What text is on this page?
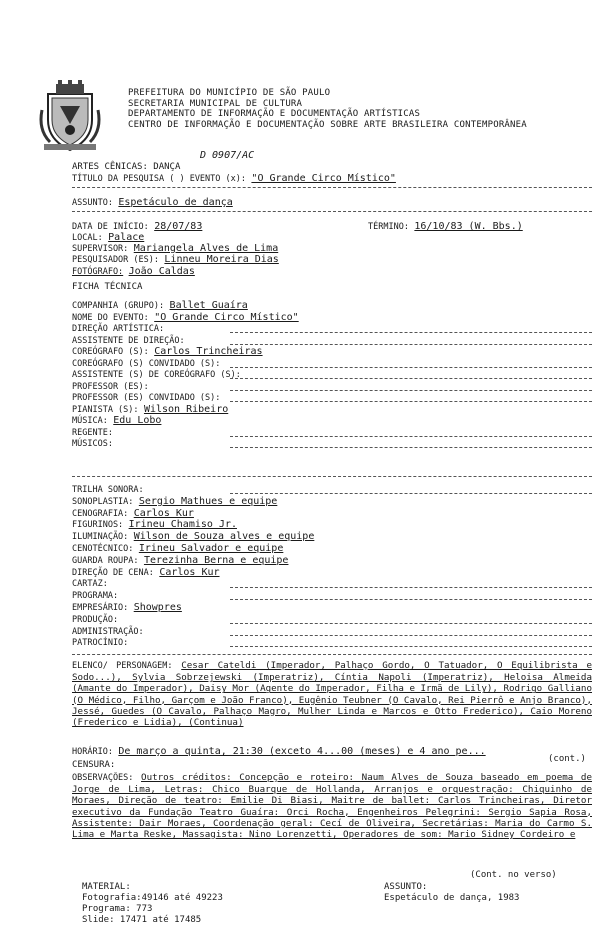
PREFEITURA DO MUNICÍPIO DE SÃO PAULO
SECRETARIA MUNICIPAL DE CULTURA
DEPARTAMENTO DE INFORMAÇÃO E DOCUMENTAÇÃO ARTÍSTICAS
CENTRO DE INFORMAÇÃO E DOCUMENTAÇÃO SOBRE ARTE BRASILEIRA CONTEMPORÂNEA
D 0907/AC
ARTES CÊNICAS: DANÇA
TÍTULO DA PESQUISA ( ) EVENTO (x): "O Grande Circo Místico"
ASSUNTO: Espetáculo de dança
DATA DE INÍCIO: 28/07/83	TÉRMINO: 16/10/83 (W. Bbs.)
LOCAL: Palace
SUPERVISOR: Mariangela Alves de Lima
PESQUISADOR (ES): Linneu Moreira Dias
FOTÓGRAFO: João Caldas
FICHA TÉCNICA
COMPANHIA (GRUPO): Ballet Guaíra
NOME DO EVENTO: "O Grande Circo Místico"
DIREÇÃO ARTÍSTICA:
ASSISTENTE DE DIREÇÃO:
COREÓGRAFO (S): Carlos Trincheiras
COREÓGRAFO (S) CONVIDADO (S):
ASSISTENTE (S) DE COREÓGRAFO (S):
PROFESSOR (ES):
PROFESSOR (ES) CONVIDADO (S):
PIANISTA (S): Wilson Ribeiro
MÚSICA: Edu Lobo
REGENTE:
MÚSICOS:
TRILHA SONORA:
SONOPLASTIA: Sergio Mathues e equipe
CENOGRAFIA: Carlos Kur
FIGURINOS: Irineu Chamiso Jr.
ILUMINAÇÃO: Wilson de Souza alves e equipe
CENOTÉCNICO: Irineu Salvador e equipe
GUARDA ROUPA: Terezinha Berna e equipe
DIREÇÃO DE CENA: Carlos Kur
CARTAZ:
PROGRAMA:
EMPRESÁRIO: Showpres
PRODUÇÃO:
ADMINISTRAÇÃO:
PATROCÍNIO:
ELENCO/ PERSONAGEM: Cesar Cateldi (Imperador, Palhaço Gordo, O Tatuador, O Equilibrista e Sodo...), Sylvia Sobrzejewski (Imperatriz), Cíntia Napoli (Imperatriz), Heloisa Almeida (Amante do Imperador), Daisy Mor (Agente do Imperador, Filha e Irmã de Lily), Rodrigo Galliano (O Médico, Filho, Garçom e João Franco), Eugênio Teubner (O Cavalo, Rei Pierrô e Anjo Branco), Jessé, Guedes (O Cavalo, Palhaço Magro, Mulher Linda e Marcos e Otto Frederico), Caio Moreno (Frederico e Lidia), (Continua)
HORÁRIO: De março a quinta, 21:30 (exceto 4...00 (meses) e 4 ano pe...
(cont.)
CENSURA:
OBSERVAÇÕES: Outros créditos: Concepção e roteiro: Naum Alves de Souza baseado em poema de Jorge de Lima, Letras: Chico Buarque de Hollanda, Arranjos e orquestração: Chiquinho de Moraes, Direção de teatro: Emilie Di Biasi, Maitre de ballet: Carlos Trincheiras, Diretor executivo da Fundação Teatro Guaíra: Orci Rocha, Engenheiros Pelegrini: Sergio Sapia Rosa, Assistente: Dair Moraes, Coordenação geral: Cecí de Oliveira, Secretárias: Maria do Carmo S. Lima e Marta Reske, Massagista: Nino Lorenzetti, Operadores de som: Mario Sidney Cordeiro e
(Cont. no verso)
MATERIAL:
Fotografia:49146 até 49223
Programa: 773
Slide: 17471 até 17485
ASSUNTO:
Espetáculo de dança, 1983
